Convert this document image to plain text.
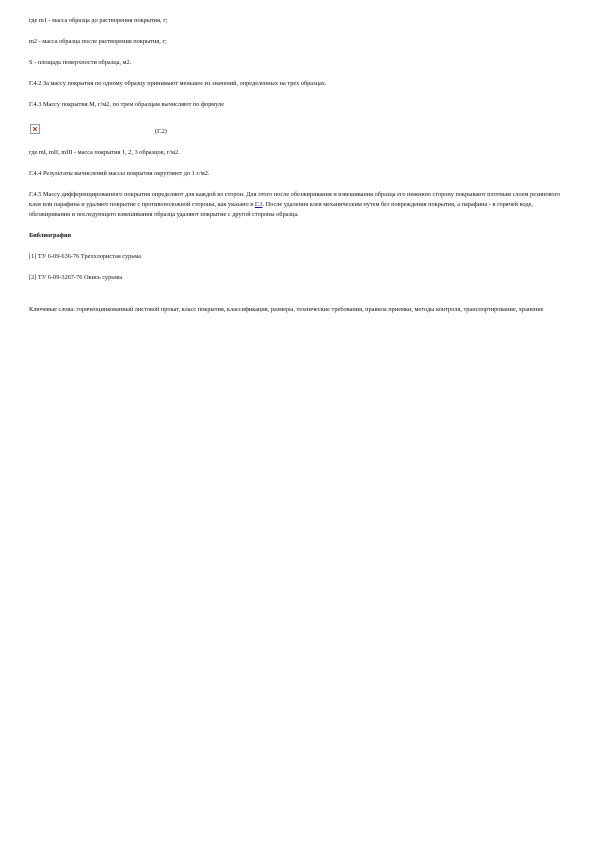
где m1 - масса образца до растворения покрытия, г;

m2 - масса образца после растворения покрытия, г;

S - площадь поверхности образца, м2.

Г.4.2 За массу покрытия по одному образцу принимают меньшее из значений, определенных на трех образцах.

Г.4.3 Массу покрытия М, г/м2, по трем образцам вычисляют по формуле

(Г.2)

где mI, mII, mIII - масса покрытия 1, 2, 3 образцов, г/м2.

Г.4.4 Результаты вычислений массы покрытия округляют до 1 г/м2.

Г.4.5 Массу дифференцированного покрытия определяют для каждой из сторон. Для этого после обезжиривания и взвешивания образца его нижнюю сторону покрывают плотным слоем резинового клея или парафина и удаляют покрытие с противоположной стороны, как указано в Г.3. После удаления клея механическим путем без повреждения покрытия, а парафина - в горячей воде, обезжиривания и последующего взвешивания образца удаляют покрытие с другой стороны образца.

Библиография

[1] ТУ 6-09-636-76 Треххлористая сурьма

[2] ТУ 6-09-3267-76 Окись сурьмы

Ключевые слова: горячеоцинкованный листовой прокат, класс покрытия, классификация, размеры, технические требования, правила приемки, методы контроля, транспортирование, хранение
